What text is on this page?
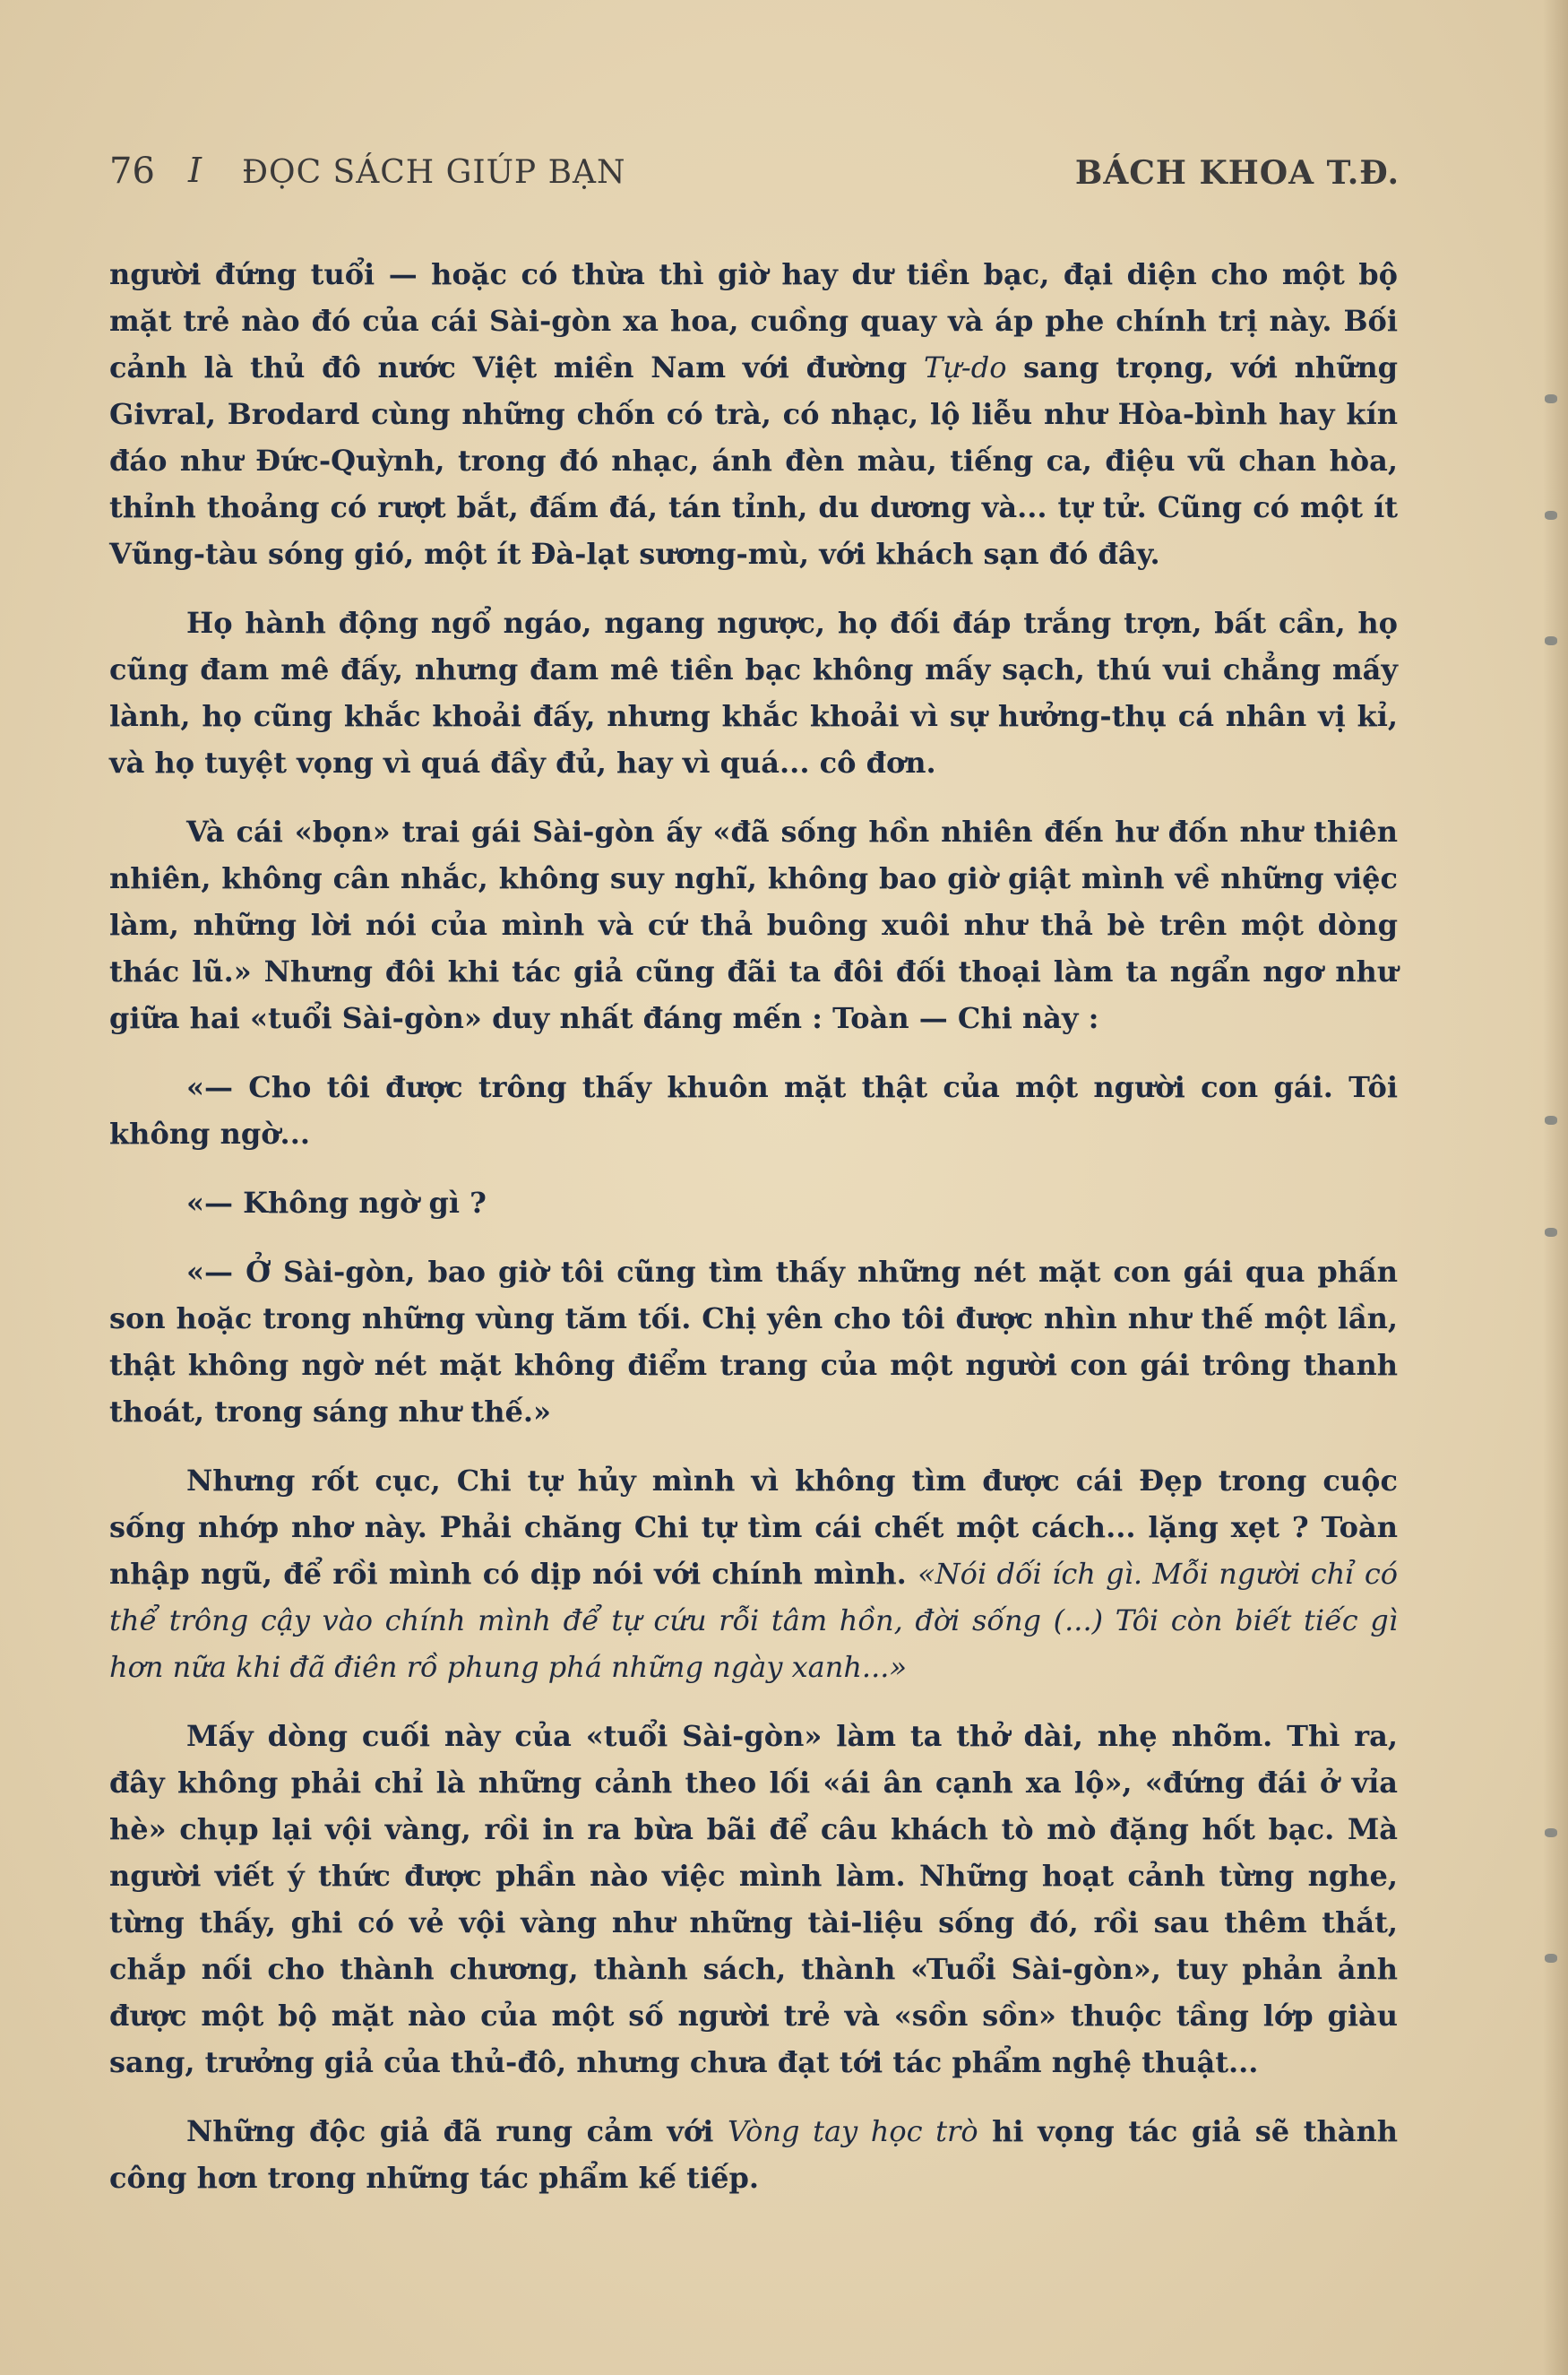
76 I ĐỌC SÁCH GIÚP BẠN	BÁCH KHOA T.Đ.

người đứng tuổi — hoặc có thừa thì giờ hay dư tiền bạc, đại diện cho một bộ mặt trẻ nào đó của cái Sài-gòn xa hoa, cuồng quay và áp phe chính trị này. Bối cảnh là thủ đô nước Việt miền Nam với đường Tự-do sang trọng, với những Givral, Brodard cùng những chốn có trà, có nhạc, lộ liễu như Hòa-bình hay kín đáo như Đức-Quỳnh, trong đó nhạc, ánh đèn màu, tiếng ca, điệu vũ chan hòa, thỉnh thoảng có rượt bắt, đấm đá, tán tỉnh, du dương và... tự tử. Cũng có một ít Vũng-tàu sóng gió, một ít Đà-lạt sương-mù, với khách sạn đó đây.

Họ hành động ngổ ngáo, ngang ngược, họ đối đáp trắng trợn, bất cần, họ cũng đam mê đấy, nhưng đam mê tiền bạc không mấy sạch, thú vui chẳng mấy lành, họ cũng khắc khoải đấy, nhưng khắc khoải vì sự hưởng-thụ cá nhân vị kỉ, và họ tuyệt vọng vì quá đầy đủ, hay vì quá... cô đơn.

Và cái «bọn» trai gái Sài-gòn ấy «đã sống hồn nhiên đến hư đốn như thiên nhiên, không cân nhắc, không suy nghĩ, không bao giờ giật mình về những việc làm, những lời nói của mình và cứ thả buông xuôi như thả bè trên một dòng thác lũ.» Nhưng đôi khi tác giả cũng đãi ta đôi đối thoại làm ta ngẩn ngơ như giữa hai «tuổi Sài-gòn» duy nhất đáng mến : Toàn — Chi này :

«— Cho tôi được trông thấy khuôn mặt thật của một người con gái. Tôi không ngờ...

«— Không ngờ gì ?

«— Ở Sài-gòn, bao giờ tôi cũng tìm thấy những nét mặt con gái qua phấn son hoặc trong những vùng tăm tối. Chị yên cho tôi được nhìn như thế một lần, thật không ngờ nét mặt không điểm trang của một người con gái trông thanh thoát, trong sáng như thế.»

Nhưng rốt cục, Chi tự hủy mình vì không tìm được cái Đẹp trong cuộc sống nhớp nhơ này. Phải chăng Chi tự tìm cái chết một cách... lặng xẹt ? Toàn nhập ngũ, để rồi mình có dịp nói với chính mình. «Nói dối ích gì. Mỗi người chỉ có thể trông cậy vào chính mình để tự cứu rỗi tâm hồn, đời sống (...) Tôi còn biết tiếc gì hơn nữa khi đã điên rồ phung phá những ngày xanh...»

Mấy dòng cuối này của «tuổi Sài-gòn» làm ta thở dài, nhẹ nhõm. Thì ra, đây không phải chỉ là những cảnh theo lối «ái ân cạnh xa lộ», «đứng đái ở vỉa hè» chụp lại vội vàng, rồi in ra bừa bãi để câu khách tò mò đặng hốt bạc. Mà người viết ý thức được phần nào việc mình làm. Những hoạt cảnh từng nghe, từng thấy, ghi có vẻ vội vàng như những tài-liệu sống đó, rồi sau thêm thắt, chắp nối cho thành chương, thành sách, thành «Tuổi Sài-gòn», tuy phản ảnh được một bộ mặt nào của một số người trẻ và «sồn sồn» thuộc tầng lớp giàu sang, trưởng giả của thủ-đô, nhưng chưa đạt tới tác phẩm nghệ thuật...

Những độc giả đã rung cảm với Vòng tay học trò hi vọng tác giả sẽ thành công hơn trong những tác phẩm kế tiếp.
